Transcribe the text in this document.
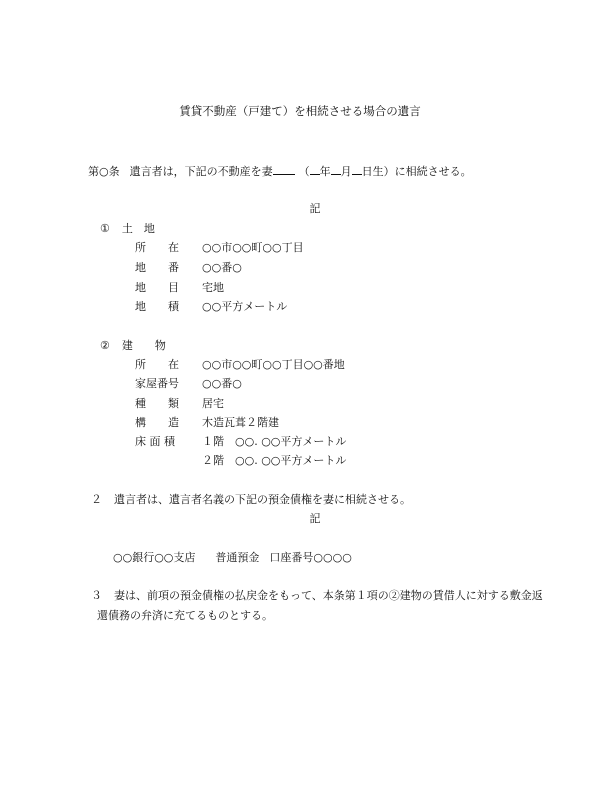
賃貸不動産（戸建て）を相続させる場合の遺言
第○条 遺言者は，下記の不動産を妻 （ 年 月 日生）に相続させる。
記
① 土　地
所　　在	○○市○○町○○丁目
地　　番	○○番○
地　　目	宅地
地　　積	○○平方メートル
② 建　　物
所　　在	○○市○○町○○丁目○○番地
家屋番号	○○番○
種　　類	居宅
構　　造	木造瓦葺２階建
床 面 積	１階　○○. ○○平方メートル
２階　○○. ○○平方メートル
２ 遺言者は、遺言者名義の下記の預金債権を妻に相続させる。
記
○○銀行○○支店 普通預金 口座番号○○○○
３ 妻は、前項の預金債権の払戻金をもって、本条第１項の②建物の賃借人に対する敷金返
還債務の弁済に充てるものとする。
